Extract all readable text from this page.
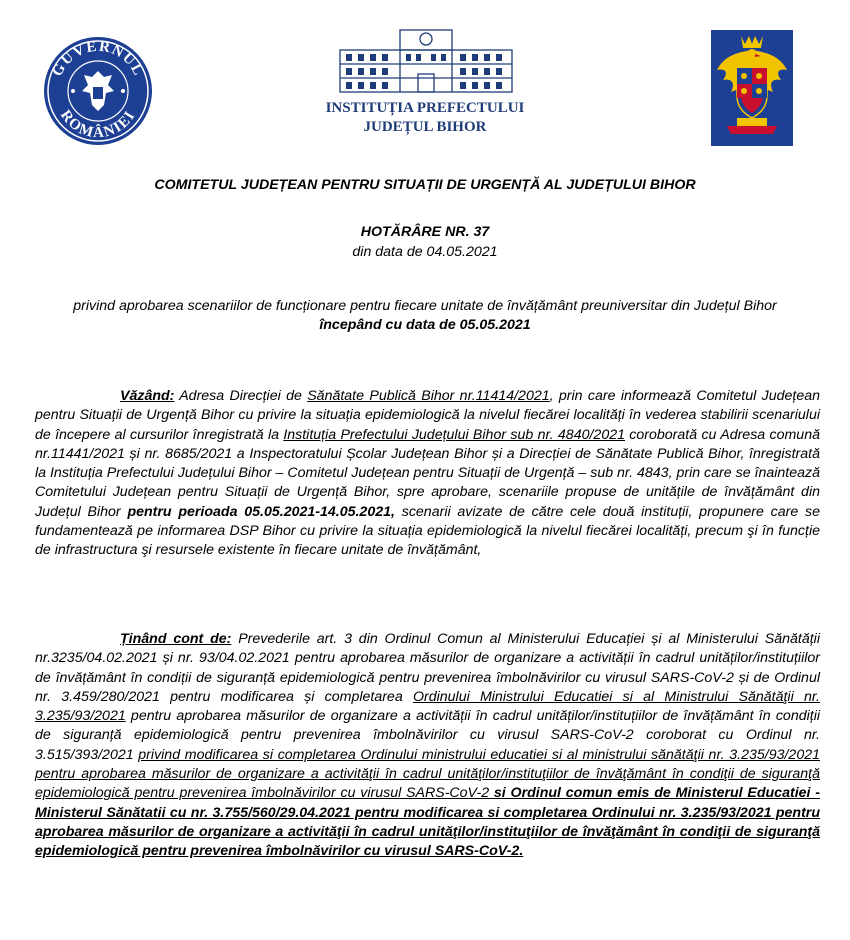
GUVERNUL
ROMÂNIEI	INSTITUȚIA PREFECTULUI
JUDEȚUL BIHOR
COMITETUL JUDEȚEAN PENTRU SITUAȚII DE URGENȚĂ AL JUDEȚULUI BIHOR
HOTĂRÂRE NR. 37
din data de 04.05.2021
privind aprobarea scenariilor de funcționare pentru fiecare unitate de învățământ preuniversitar din Județul Bihor
începând cu data de 05.05.2021
Văzând: Adresa Direcției de Sănătate Publică Bihor nr.11414/2021, prin care informează Comitetul Județean pentru Situații de Urgență Bihor cu privire la situația epidemiologică la nivelul fiecărei localități în vederea stabilirii scenariului de începere al cursurilor înregistrată la Instituția Prefectului Județului Bihor sub nr. 4840/2021 coroborată cu Adresa comună nr.11441/2021 și nr. 8685/2021 a Inspectoratului Școlar Județean Bihor și a Direcției de Sănătate Publică Bihor, înregistrată la Instituția Prefectului Județului Bihor – Comitetul Județean pentru Situații de Urgență – sub nr. 4843, prin care se înaintează Comitetului Județean pentru Situații de Urgență Bihor, spre aprobare, scenariile propuse de unitățile de învățământ din Județul Bihor pentru perioada 05.05.2021-14.05.2021, scenarii avizate de către cele două instituții, propunere care se fundamentează pe informarea DSP Bihor cu privire la situația epidemiologică la nivelul fiecărei localități, precum şi în funcție de infrastructura şi resursele existente în fiecare unitate de învățământ,
Ținând cont de: Prevederile art. 3 din Ordinul Comun al Ministerului Educației și al Ministerului Sănătății nr.3235/04.02.2021 și nr. 93/04.02.2021 pentru aprobarea măsurilor de organizare a activității în cadrul unităților/instituțiilor de învățământ în condiții de siguranță epidemiologică pentru prevenirea îmbolnăvirilor cu virusul SARS-CoV-2 și de Ordinul nr. 3.459/280/2021 pentru modificarea și completarea Ordinului Ministrului Educatiei si al Ministrului Sănătăţii nr. 3.235/93/2021 pentru aprobarea măsurilor de organizare a activității în cadrul unităților/instituțiilor de învățământ în condiții de siguranță epidemiologică pentru prevenirea îmbolnăvirilor cu virusul SARS-CoV-2 coroborat cu Ordinul nr. 3.515/393/2021 privind modificarea si completarea Ordinului ministrului educatiei si al ministrului sănătăţii nr. 3.235/93/2021 pentru aprobarea măsurilor de organizare a activităţii în cadrul unităţilor/instituţiilor de învăţământ în condiţii de siguranţă epidemiologică pentru prevenirea îmbolnăvirilor cu virusul SARS-CoV-2 si Ordinul comun emis de Ministerul Educatiei - Ministerul Sănătatii cu nr. 3.755/560/29.04.2021 pentru modificarea si completarea Ordinului nr. 3.235/93/2021 pentru aprobarea măsurilor de organizare a activităţii în cadrul unităţilor/instituţiilor de învăţământ în condiţii de siguranţă epidemiologică pentru prevenirea îmbolnăvirilor cu virusul SARS-CoV-2.
